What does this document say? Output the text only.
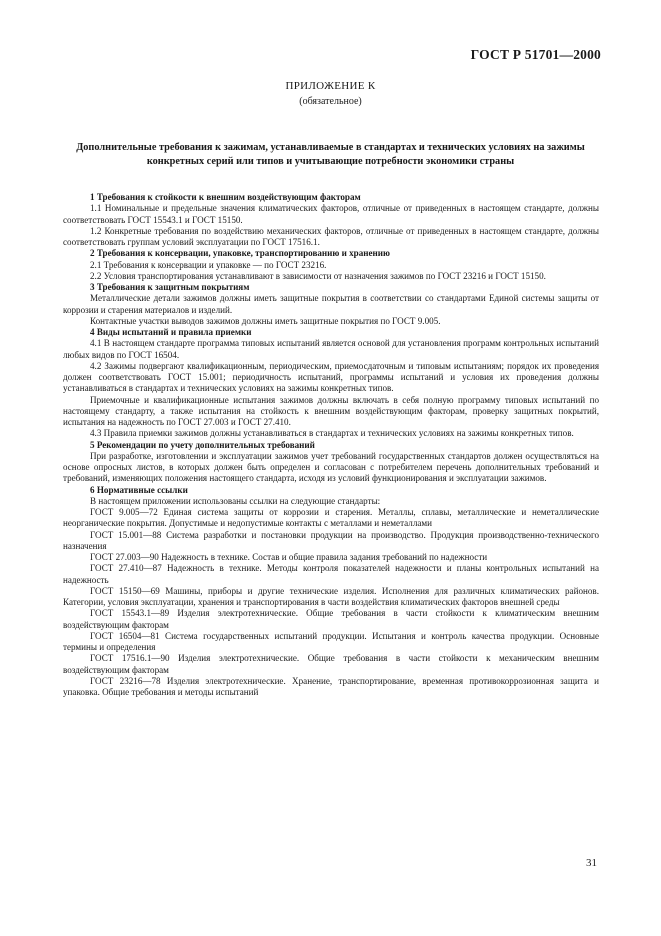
ГОСТ Р 51701—2000
ПРИЛОЖЕНИЕ К
(обязательное)
Дополнительные требования к зажимам, устанавливаемые в стандартах и технических условиях на зажимы конкретных серий или типов и учитывающие потребности экономики страны
1 Требования к стойкости к внешним воздействующим факторам

1.1 Номинальные и предельные значения климатических факторов, отличные от приведенных в настоящем стандарте, должны соответствовать ГОСТ 15543.1 и ГОСТ 15150.

1.2 Конкретные требования по воздействию механических факторов, отличные от приведенных в настоящем стандарте, должны соответствовать группам условий эксплуатации по ГОСТ 17516.1.

2 Требования к консервации, упаковке, транспортированию и хранению

2.1 Требования к консервации и упаковке — по ГОСТ 23216.

2.2 Условия транспортирования устанавливают в зависимости от назначения зажимов по ГОСТ 23216 и ГОСТ 15150.

3 Требования к защитным покрытиям

Металлические детали зажимов должны иметь защитные покрытия в соответствии со стандартами Единой системы защиты от коррозии и старения материалов и изделий.

Контактные участки выводов зажимов должны иметь защитные покрытия по ГОСТ 9.005.

4 Виды испытаний и правила приемки

4.1 В настоящем стандарте программа типовых испытаний является основой для установления программ контрольных испытаний любых видов по ГОСТ 16504.

4.2 Зажимы подвергают квалификационным, периодическим, приемосдаточным и типовым испытаниям; порядок их проведения должен соответствовать ГОСТ 15.001; периодичность испытаний, программы испытаний и условия их проведения должны устанавливаться в стандартах и технических условиях на зажимы конкретных типов.

Приемочные и квалификационные испытания зажимов должны включать в себя полную программу типовых испытаний по настоящему стандарту, а также испытания на стойкость к внешним воздействующим факторам, проверку защитных покрытий, испытания на надежность по ГОСТ 27.003 и ГОСТ 27.410.

4.3 Правила приемки зажимов должны устанавливаться в стандартах и технических условиях на зажимы конкретных типов.

5 Рекомендации по учету дополнительных требований

При разработке, изготовлении и эксплуатации зажимов учет требований государственных стандартов должен осуществляться на основе опросных листов, в которых должен быть определен и согласован с потребителем перечень дополнительных требований и требований, изменяющих положения настоящего стандарта, исходя из условий функционирования и эксплуатации зажимов.

6 Нормативные ссылки

В настоящем приложении использованы ссылки на следующие стандарты:

ГОСТ 9.005—72 Единая система защиты от коррозии и старения. Металлы, сплавы, металлические и неметаллические неорганические покрытия. Допустимые и недопустимые контакты с металлами и неметаллами

ГОСТ 15.001—88 Система разработки и постановки продукции на производство. Продукция производственно-технического назначения

ГОСТ 27.003—90 Надежность в технике. Состав и общие правила задания требований по надежности

ГОСТ 27.410—87 Надежность в технике. Методы контроля показателей надежности и планы контрольных испытаний на надежность

ГОСТ 15150—69 Машины, приборы и другие технические изделия. Исполнения для различных климатических районов. Категории, условия эксплуатации, хранения и транспортирования в части воздействия климатических факторов внешней среды

ГОСТ 15543.1—89 Изделия электротехнические. Общие требования в части стойкости к климатическим внешним воздействующим факторам

ГОСТ 16504—81 Система государственных испытаний продукции. Испытания и контроль качества продукции. Основные термины и определения

ГОСТ 17516.1—90 Изделия электротехнические. Общие требования в части стойкости к механическим внешним воздействующим факторам

ГОСТ 23216—78 Изделия электротехнические. Хранение, транспортирование, временная противокоррозионная защита и упаковка. Общие требования и методы испытаний

31
